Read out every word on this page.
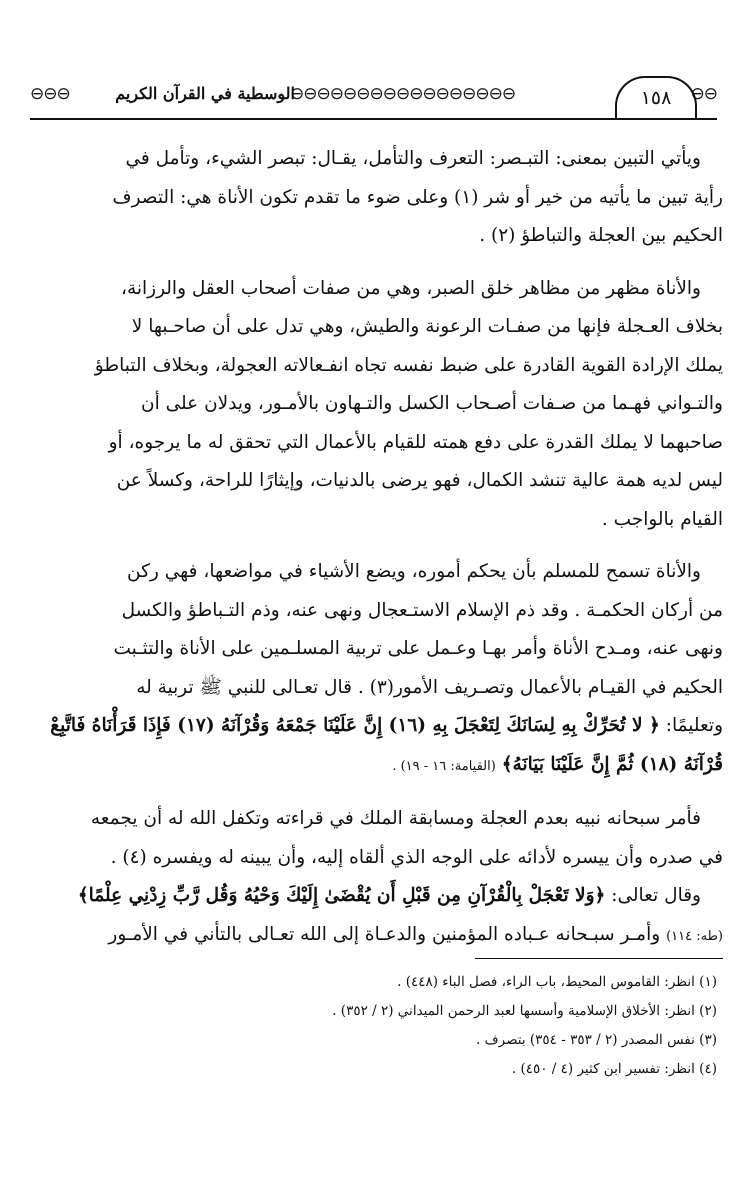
⊖⊖⊖	الوسطية في القرآن الكريم
⊖⊖⊖⊖⊖⊖⊖⊖⊖⊖⊖⊖⊖⊖⊖⊖⊖	١٥٨	⊖⊖

ويأتي التبين بمعنى: التبـصر: التعرف والتأمل، يقـال: تبصر الشيء، وتأمل في

رأية تبين ما يأتيه من خير أو شر (١) وعلى ضوء ما تقدم تكون الأناة هي: التصرف

الحكيم بين العجلة والتباطؤ (٢) .

والأناة مظهر من مظاهر خلق الصبر، وهي من صفات أصحاب العقل والرزانة،

بخلاف العـجلة فإنها من صفـات الرعونة والطيش، وهي تدل على أن صاحـبها لا

يملك الإرادة القوية القادرة على ضبط نفسه تجاه انفـعالاته العجولة، وبخلاف التباطؤ

والتـواني فهـما من صـفات أصـحاب الكسل والتـهاون بالأمـور، ويدلان على أن

صاحبهما لا يملك القدرة على دفع همته للقيام بالأعمال التي تحقق له ما يرجوه، أو

ليس لديه همة عالية تنشد الكمال، فهو يرضى بالدنيات، وإيثارًا للراحة، وكسلاً عن

القيام بالواجب .

والأناة تسمح للمسلم بأن يحكم أموره، ويضع الأشياء في مواضعها، فهي ركن

من أركان الحكمـة . وقد ذم الإسلام الاستـعجال ونهى عنه، وذم التـباطؤ والكسل

ونهى عنه، ومـدح الأناة وأمر بهـا وعـمل على تربية المسلـمين على الأناة والتثـبت

الحكيم في القيـام بالأعمال وتصـريف الأمور(٣) . قال تعـالى للنبي ﷺ تربية له

وتعليمًا: ﴿ لا تُحَرِّكْ بِهِ لِسَانَكَ لِتَعْجَلَ بِهِ (١٦) إِنَّ عَلَيْنَا جَمْعَهُ وَقُرْآنَهُ (١٧) فَإِذَا قَرَأْنَاهُ فَاتَّبِعْ

قُرْآنَهُ (١٨) ثُمَّ إِنَّ عَلَيْنَا بَيَانَهُ﴾ (القيامة: ١٦ - ١٩) .

فأمر سبحانه نبيه بعدم العجلة ومسابقة الملك في قراءته وتكفل الله له أن يجمعه

في صدره وأن ييسره لأدائه على الوجه الذي ألقاه إليه، وأن يبينه له ويفسره (٤) .

وقال تعالى: ﴿وَلا تَعْجَلْ بِالْقُرْآنِ مِن قَبْلِ أَن يُقْضَىٰ إِلَيْكَ وَحْيُهُ وَقُل رَّبِّ زِدْنِي عِلْمًا﴾

(طه: ١١٤) وأمـر سبـحانه عـباده المؤمنين والدعـاة إلى الله تعـالى بالتأني في الأمـور

(١) انظر: القاموس المحيط، باب الراء، فصل الباء (٤٤٨) .
(٢) انظر: الأخلاق الإسلامية وأسسها لعبد الرحمن الميداني (٢ / ٣٥٢) .
(٣) نفس المصدر (٢ / ٣٥٣ - ٣٥٤) بتصرف .
(٤) انظر: تفسير ابن كثير (٤ / ٤٥٠) .
